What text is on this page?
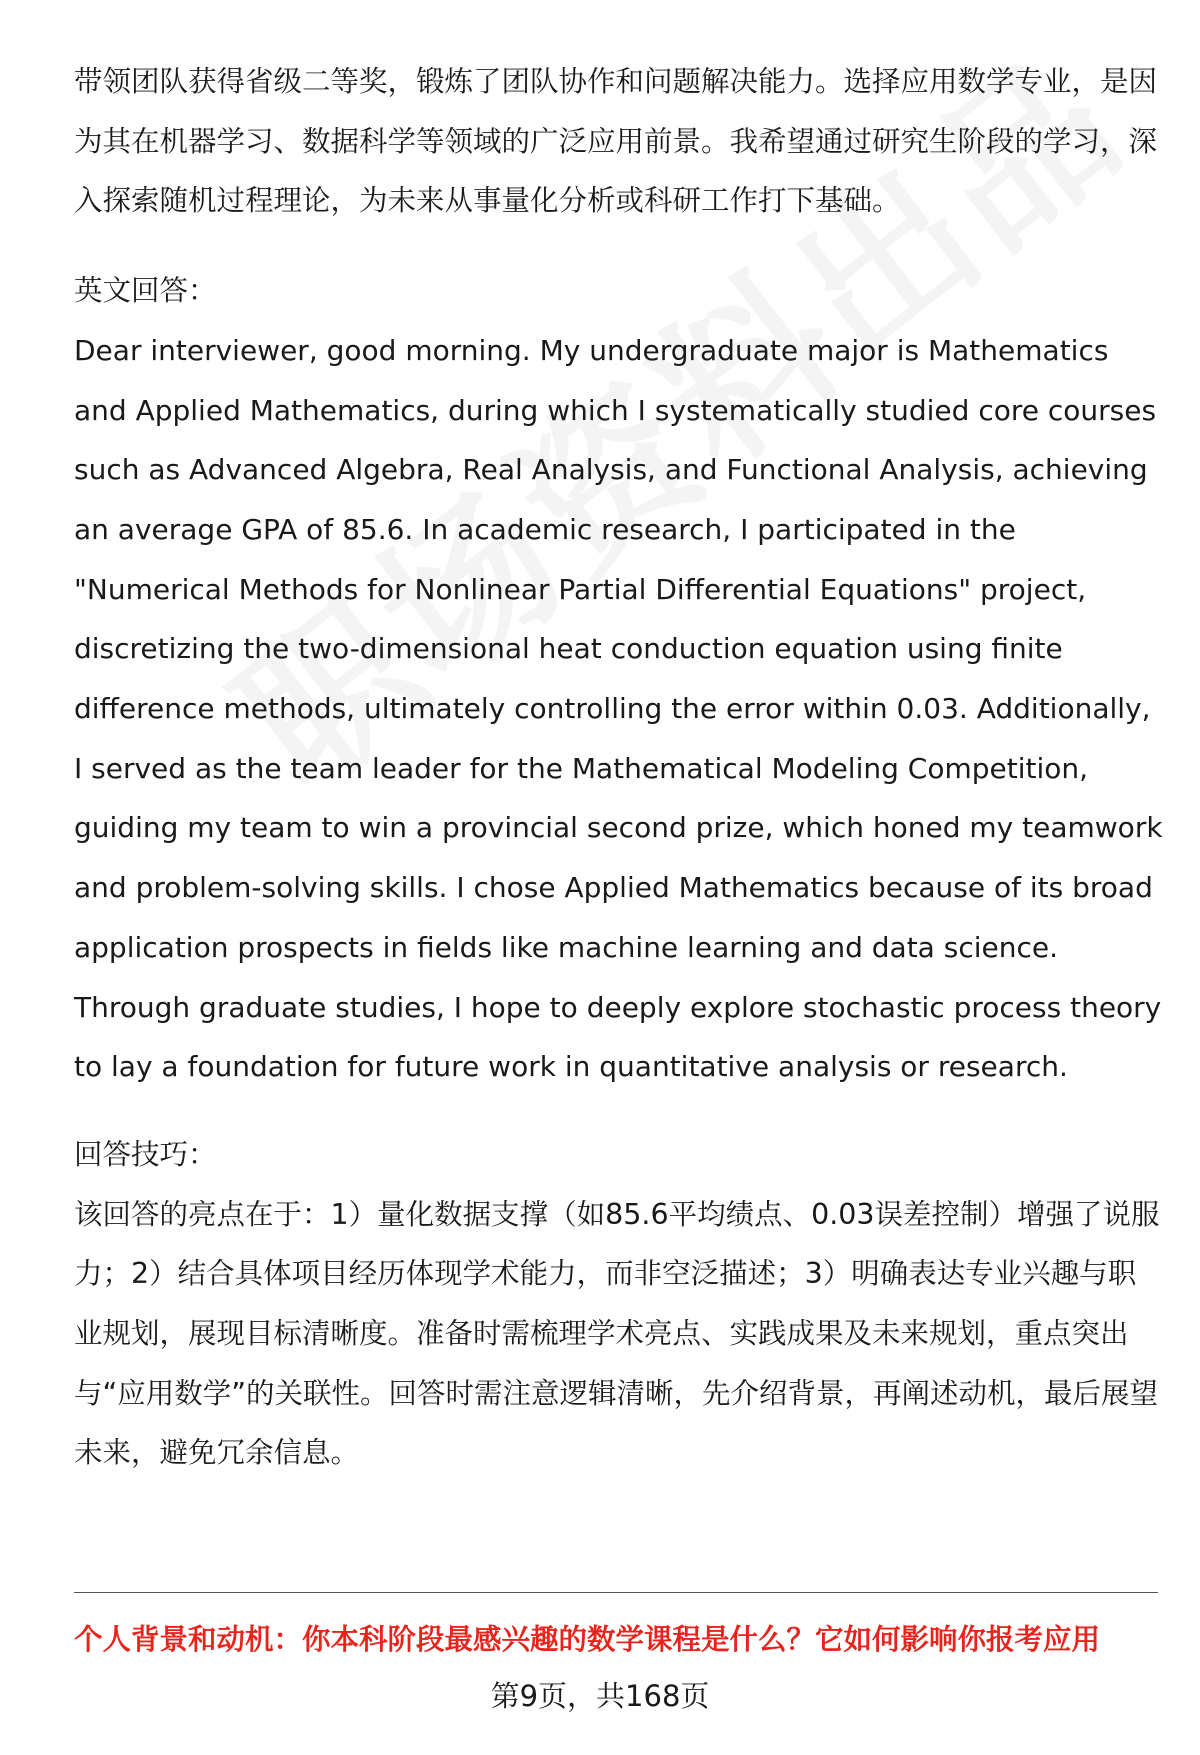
带领团队获得省级二等奖，锻炼了团队协作和问题解决能力。选择应用数学专业，是因为其在机器学习、数据科学等领域的广泛应用前景。我希望通过研究生阶段的学习，深入探索随机过程理论，为未来从事量化分析或科研工作打下基础。

英文回答：

Dear interviewer, good morning. My undergraduate major is Mathematics and Applied Mathematics, during which I systematically studied core courses such as Advanced Algebra, Real Analysis, and Functional Analysis, achieving an average GPA of 85.6. In academic research, I participated in the "Numerical Methods for Nonlinear Partial Differential Equations" project, discretizing the two-dimensional heat conduction equation using finite difference methods, ultimately controlling the error within 0.03. Additionally, I served as the team leader for the Mathematical Modeling Competition, guiding my team to win a provincial second prize, which honed my teamwork and problem-solving skills. I chose Applied Mathematics because of its broad application prospects in fields like machine learning and data science. Through graduate studies, I hope to deeply explore stochastic process theory to lay a foundation for future work in quantitative analysis or research.

回答技巧：

该回答的亮点在于：1）量化数据支撑（如85.6平均绩点、0.03误差控制）增强了说服力；2）结合具体项目经历体现学术能力，而非空泛描述；3）明确表达专业兴趣与职业规划，展现目标清晰度。准备时需梳理学术亮点、实践成果及未来规划，重点突出与“应用数学”的关联性。回答时需注意逻辑清晰，先介绍背景，再阐述动机，最后展望未来，避免冗余信息。

个人背景和动机：你本科阶段最感兴趣的数学课程是什么？它如何影响你报考应用
第9页，共168页
